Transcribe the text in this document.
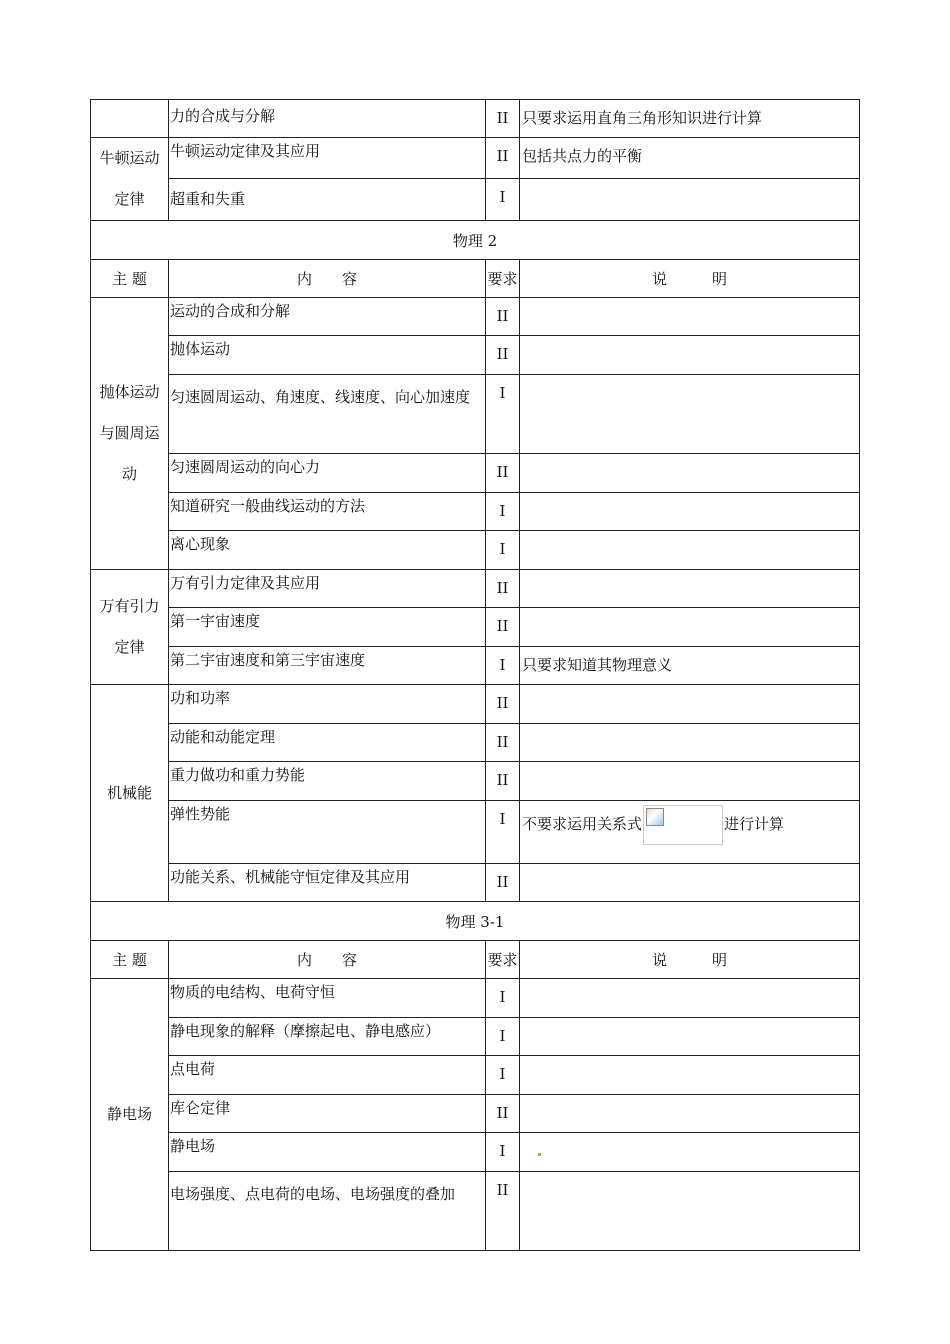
	力的合成与分解	II	只要求运用直角三角形知识进行计算
牛顿运动定律	牛顿运动定律及其应用	II	包括共点力的平衡

	超重和失重	I	
物理 2			
主 题	内　　容	要求	说　　　明
抛体运动与圆周运动	运动的合成和分解	II	

	抛体运动	II	

	匀速圆周运动、角速度、线速度、向心加速度	I	

	匀速圆周运动的向心力	II	

	知道研究一般曲线运动的方法	I	

	离心现象	I	
万有引力定律	万有引力定律及其应用	II	

	第一宇宙速度	II	

	第二宇宙速度和第三宇宙速度	I	只要求知道其物理意义
机械能	功和功率	II	

	动能和动能定理	II	

	重力做功和重力势能	II	

	弹性势能	I	不要求运用关系式 进行计算

	功能关系、机械能守恒定律及其应用	II	
物理 3-1			
主 题	内　　容	要求	说　　　明
静电场	物质的电结构、电荷守恒	I	

	静电现象的解释（摩擦起电、静电感应）	I	

	点电荷	I	

	库仑定律	II	

	静电场	I	

	电场强度、点电荷的电场、电场强度的叠加	II	
